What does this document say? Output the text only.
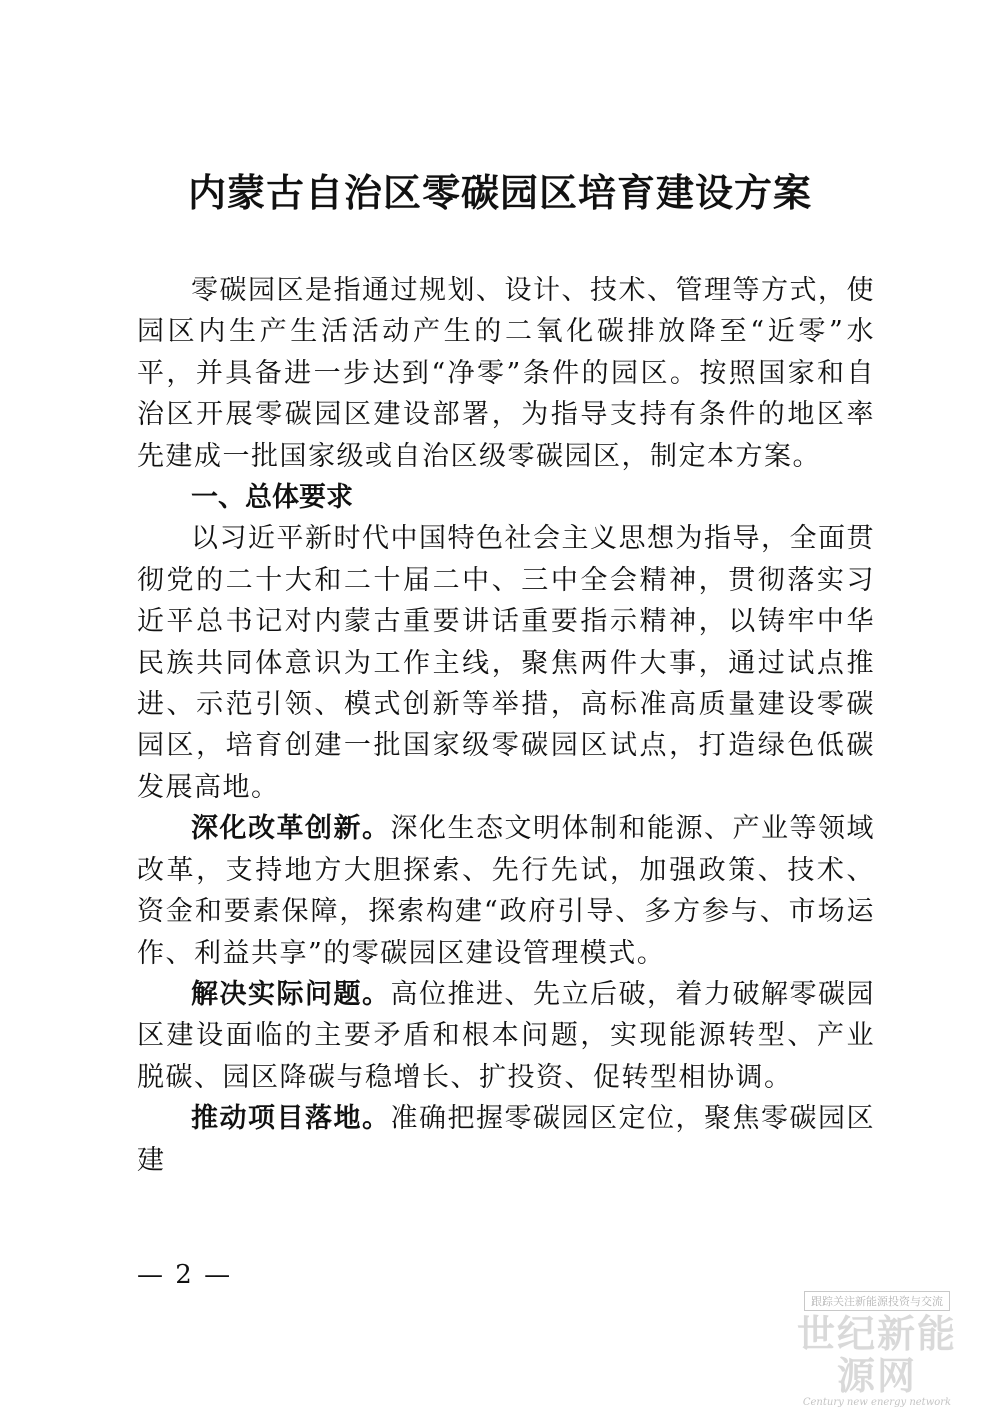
内蒙古自治区零碳园区培育建设方案

零碳园区是指通过规划、设计、技术、管理等方式，使园区内生产生活活动产生的二氧化碳排放降至“近零”水平，并具备进一步达到“净零”条件的园区。按照国家和自治区开展零碳园区建设部署，为指导支持有条件的地区率先建成一批国家级或自治区级零碳园区，制定本方案。

一、总体要求

以习近平新时代中国特色社会主义思想为指导，全面贯彻党的二十大和二十届二中、三中全会精神，贯彻落实习近平总书记对内蒙古重要讲话重要指示精神，以铸牢中华民族共同体意识为工作主线，聚焦两件大事，通过试点推进、示范引领、模式创新等举措，高标准高质量建设零碳园区，培育创建一批国家级零碳园区试点，打造绿色低碳发展高地。

深化改革创新。深化生态文明体制和能源、产业等领域改革，支持地方大胆探索、先行先试，加强政策、技术、资金和要素保障，探索构建“政府引导、多方参与、市场运作、利益共享”的零碳园区建设管理模式。

解决实际问题。高位推进、先立后破，着力破解零碳园区建设面临的主要矛盾和根本问题，实现能源转型、产业脱碳、园区降碳与稳增长、扩投资、促转型相协调。

推动项目落地。准确把握零碳园区定位，聚焦零碳园区建

— 2 —
跟踪关注新能源投资与交流
世纪新能源网
Century new energy network
